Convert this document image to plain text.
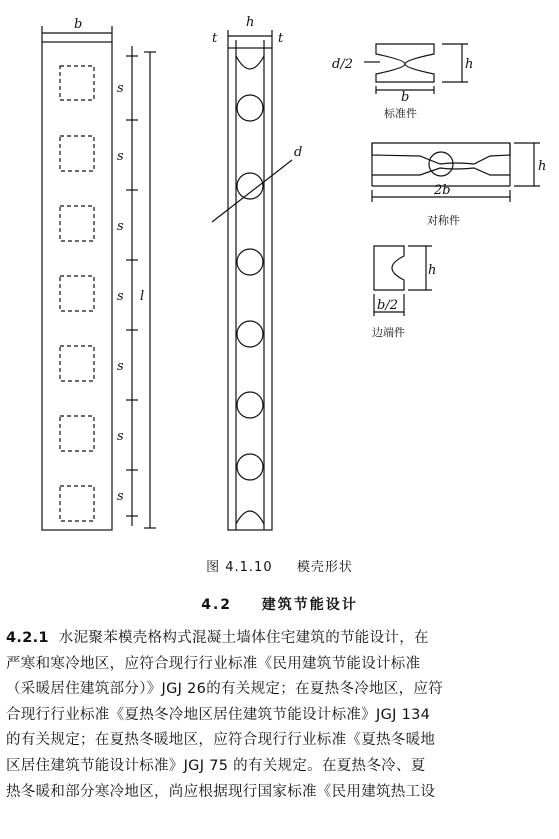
b
s
s
s
s
s
s
s
l
h
t	t
d
d/2	h
b
标准件
h
2b
对称件
h
b/2
边端件
图 4.1.10 模壳形状
4.2 建筑节能设计
4.2.1 水泥聚苯模壳格构式混凝土墙体住宅建筑的节能设计，在
严寒和寒冷地区，应符合现行行业标准《民用建筑节能设计标准
（采暖居住建筑部分）》JGJ 26的有关规定；在夏热冬冷地区，应符
合现行行业标准《夏热冬冷地区居住建筑节能设计标准》JGJ 134
的有关规定；在夏热冬暖地区，应符合现行行业标准《夏热冬暖地
区居住建筑节能设计标准》JGJ 75 的有关规定。在夏热冬冷、夏
热冬暖和部分寒冷地区，尚应根据现行国家标准《民用建筑热工设
